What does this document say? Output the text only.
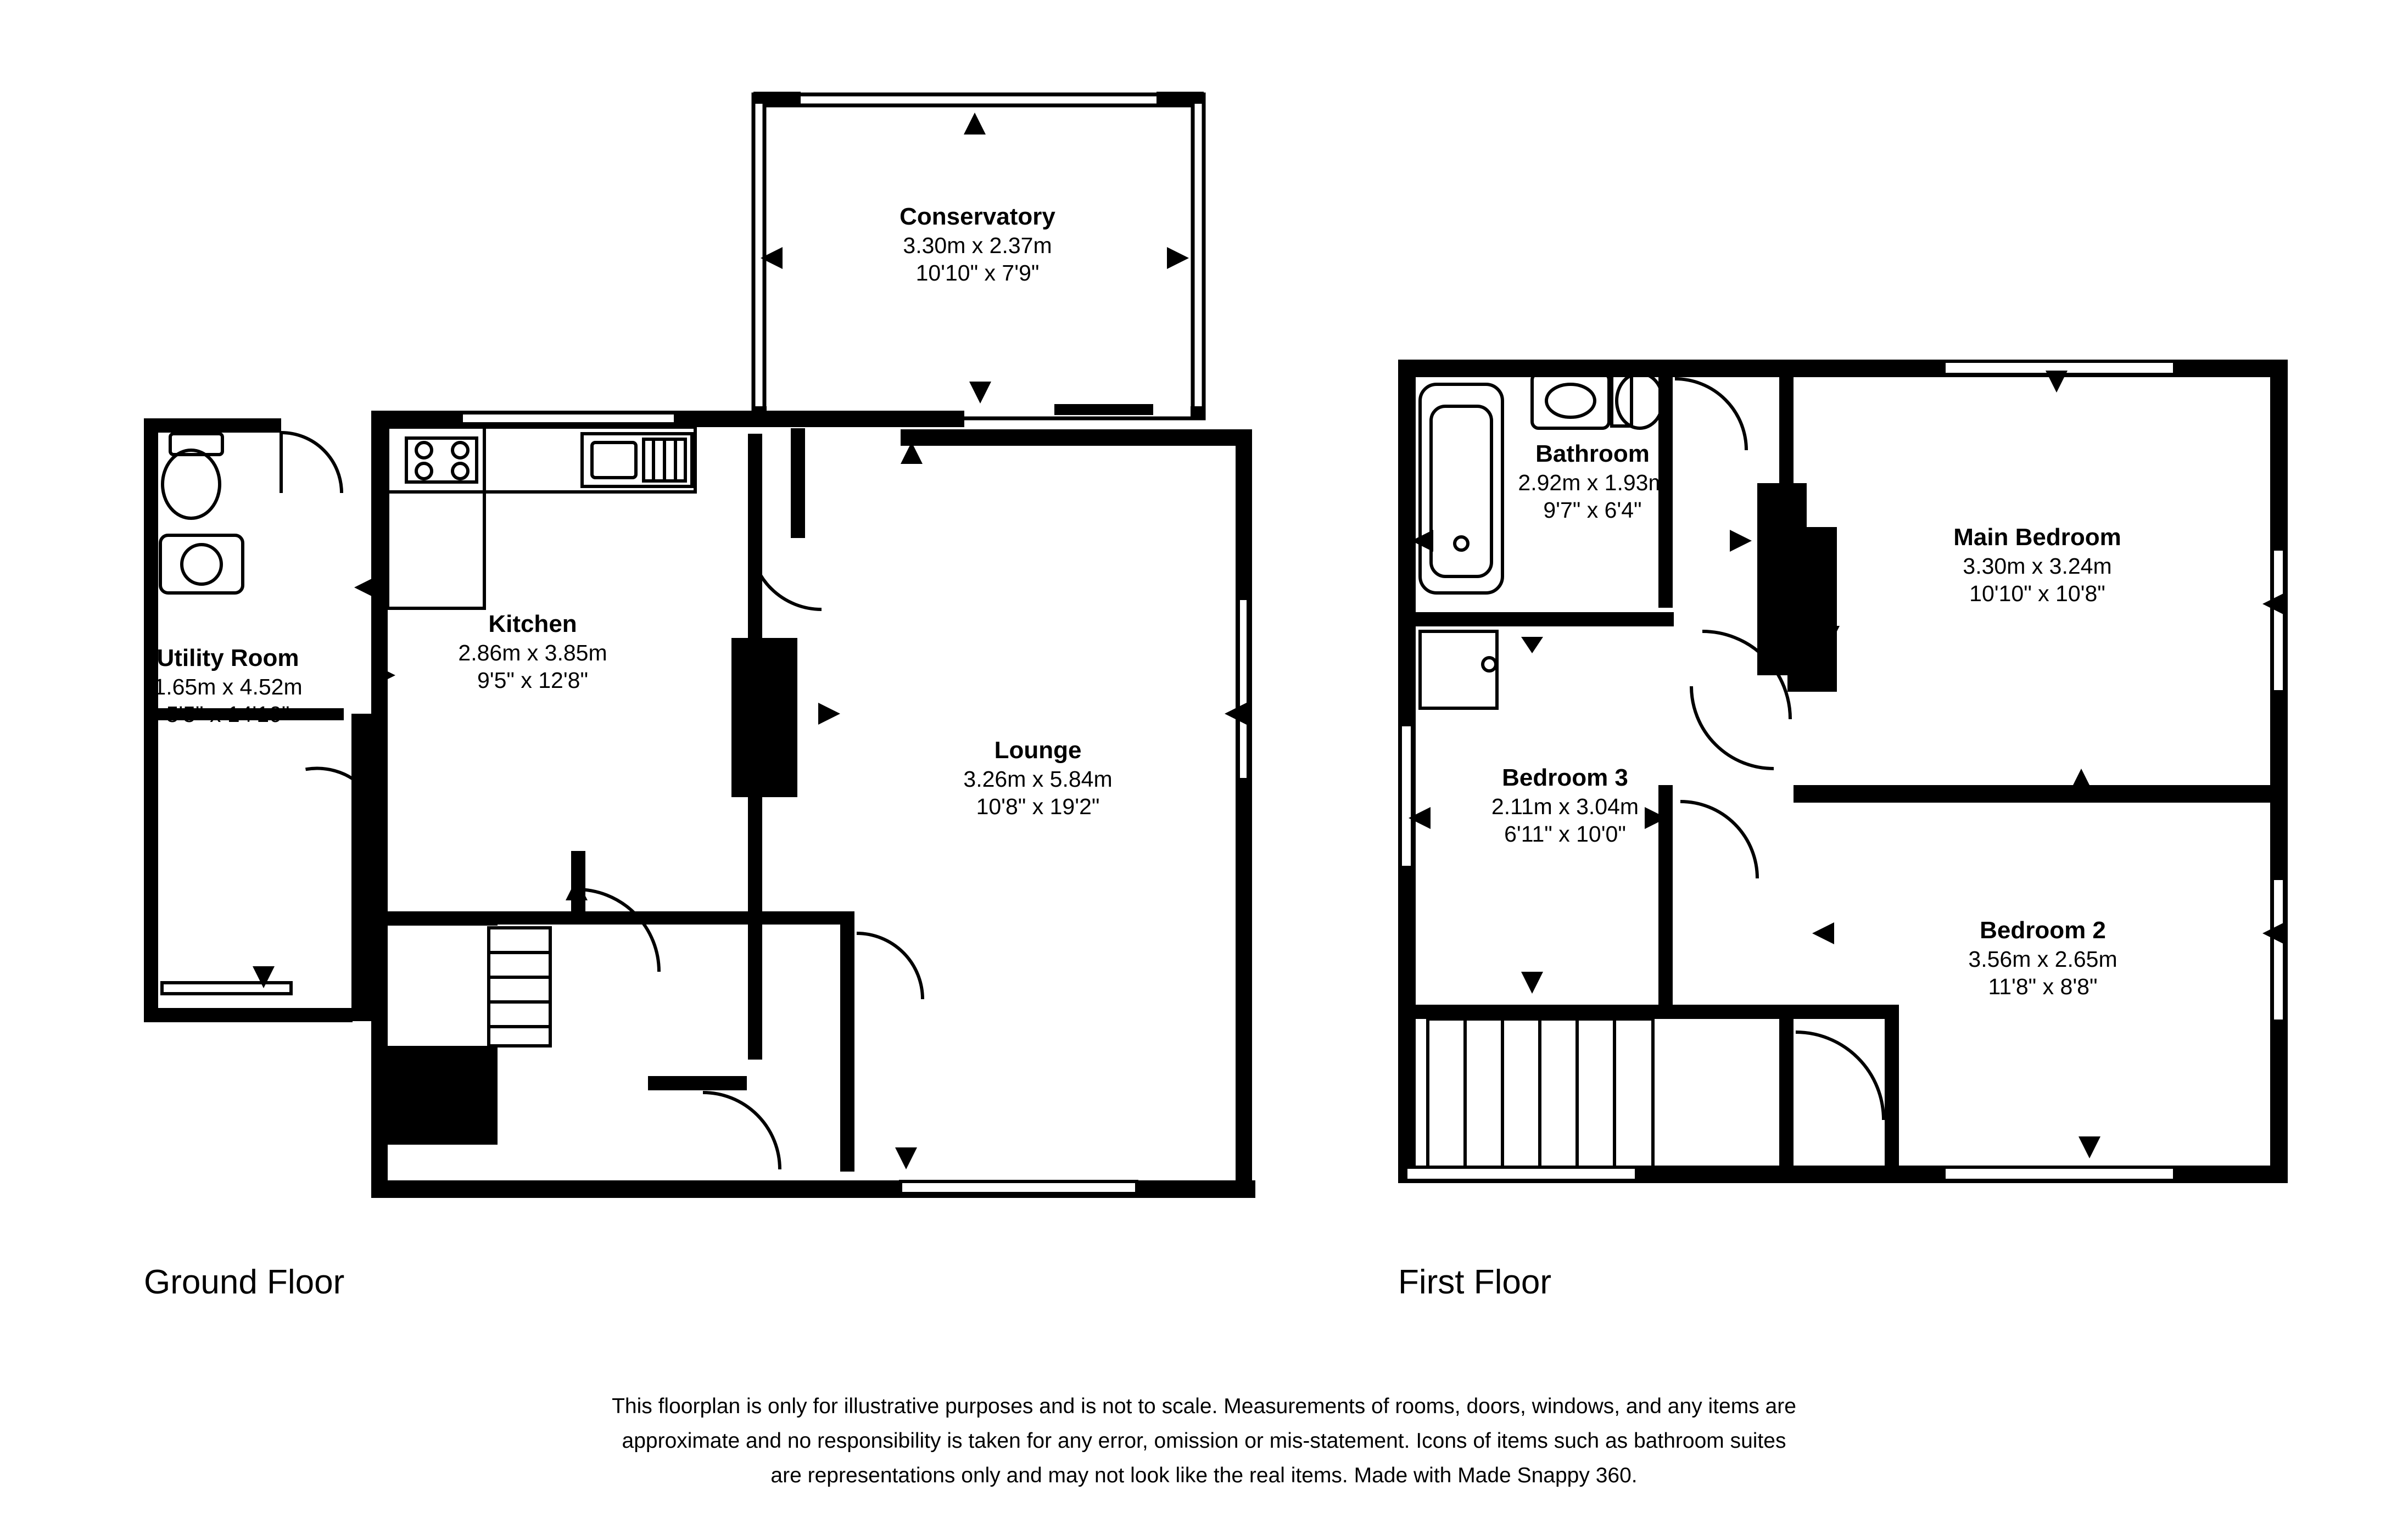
Conservatory
3.30m x 2.37m
10'10" x 7'9"
Utility Room
1.65m x 4.52m
5'5" x 14'10"
Kitchen
2.86m x 3.85m
9'5" x 12'8"
Lounge
3.26m x 5.84m
10'8" x 19'2"
Bathroom
2.92m x 1.93m
9'7" x 6'4"
Main Bedroom
3.30m x 3.24m
10'10" x 10'8"
Bedroom 3
2.11m x 3.04m
6'11" x 10'0"
Bedroom 2
3.56m x 2.65m
11'8" x 8'8"
Ground Floor	First Floor
This floorplan is only for illustrative purposes and is not to scale. Measurements of rooms, doors, windows, and any items are
approximate and no responsibility is taken for any error, omission or mis-statement. Icons of items such as bathroom suites
are representations only and may not look like the real items. Made with Made Snappy 360.
